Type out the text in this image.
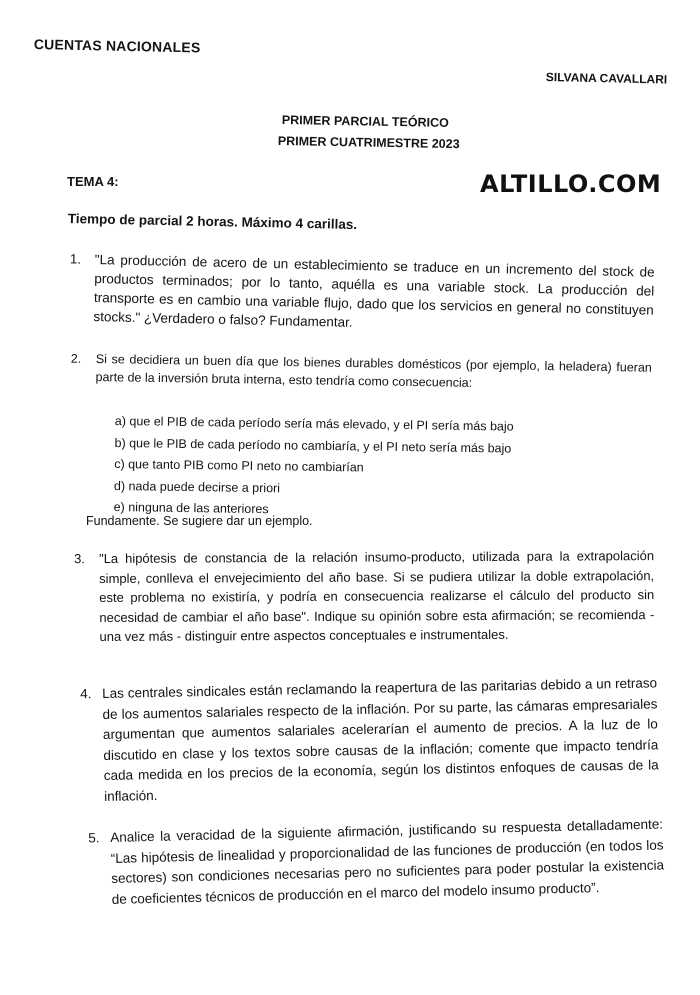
CUENTAS NACIONALES
SILVANA CAVALLARI
PRIMER PARCIAL TEÓRICO
PRIMER CUATRIMESTRE 2023
TEMA 4:	ALTILLO.COM
Tiempo de parcial 2 horas. Máximo 4 carillas.
1. "La producción de acero de un establecimiento se traduce en un incremento del stock de productos terminados; por lo tanto, aquélla es una variable stock. La producción del transporte es en cambio una variable flujo, dado que los servicios en general no constituyen stocks." ¿Verdadero o falso? Fundamentar.
2. Si se decidiera un buen día que los bienes durables domésticos (por ejemplo, la heladera) fueran parte de la inversión bruta interna, esto tendría como consecuencia:
a) que el PIB de cada período sería más elevado, y el PI sería más bajo
b) que le PIB de cada período no cambiaría, y el PI neto sería más bajo
c) que tanto PIB como PI neto no cambiarían
d) nada puede decirse a priori
e) ninguna de las anteriores
Fundamente. Se sugiere dar un ejemplo.
3. "La hipótesis de constancia de la relación insumo-producto, utilizada para la extrapolación simple, conlleva el envejecimiento del año base. Si se pudiera utilizar la doble extrapolación, este problema no existiría, y podría en consecuencia realizarse el cálculo del producto sin necesidad de cambiar el año base". Indique su opinión sobre esta afirmación; se recomienda - una vez más - distinguir entre aspectos conceptuales e instrumentales.
4. Las centrales sindicales están reclamando la reapertura de las paritarias debido a un retraso de los aumentos salariales respecto de la inflación. Por su parte, las cámaras empresariales argumentan que aumentos salariales acelerarían el aumento de precios. A la luz de lo discutido en clase y los textos sobre causas de la inflación; comente que impacto tendría cada medida en los precios de la economía, según los distintos enfoques de causas de la inflación.
5. Analice la veracidad de la siguiente afirmación, justificando su respuesta detalladamente: “Las hipótesis de linealidad y proporcionalidad de las funciones de producción (en todos los sectores) son condiciones necesarias pero no suficientes para poder postular la existencia de coeficientes técnicos de producción en el marco del modelo insumo producto”.
